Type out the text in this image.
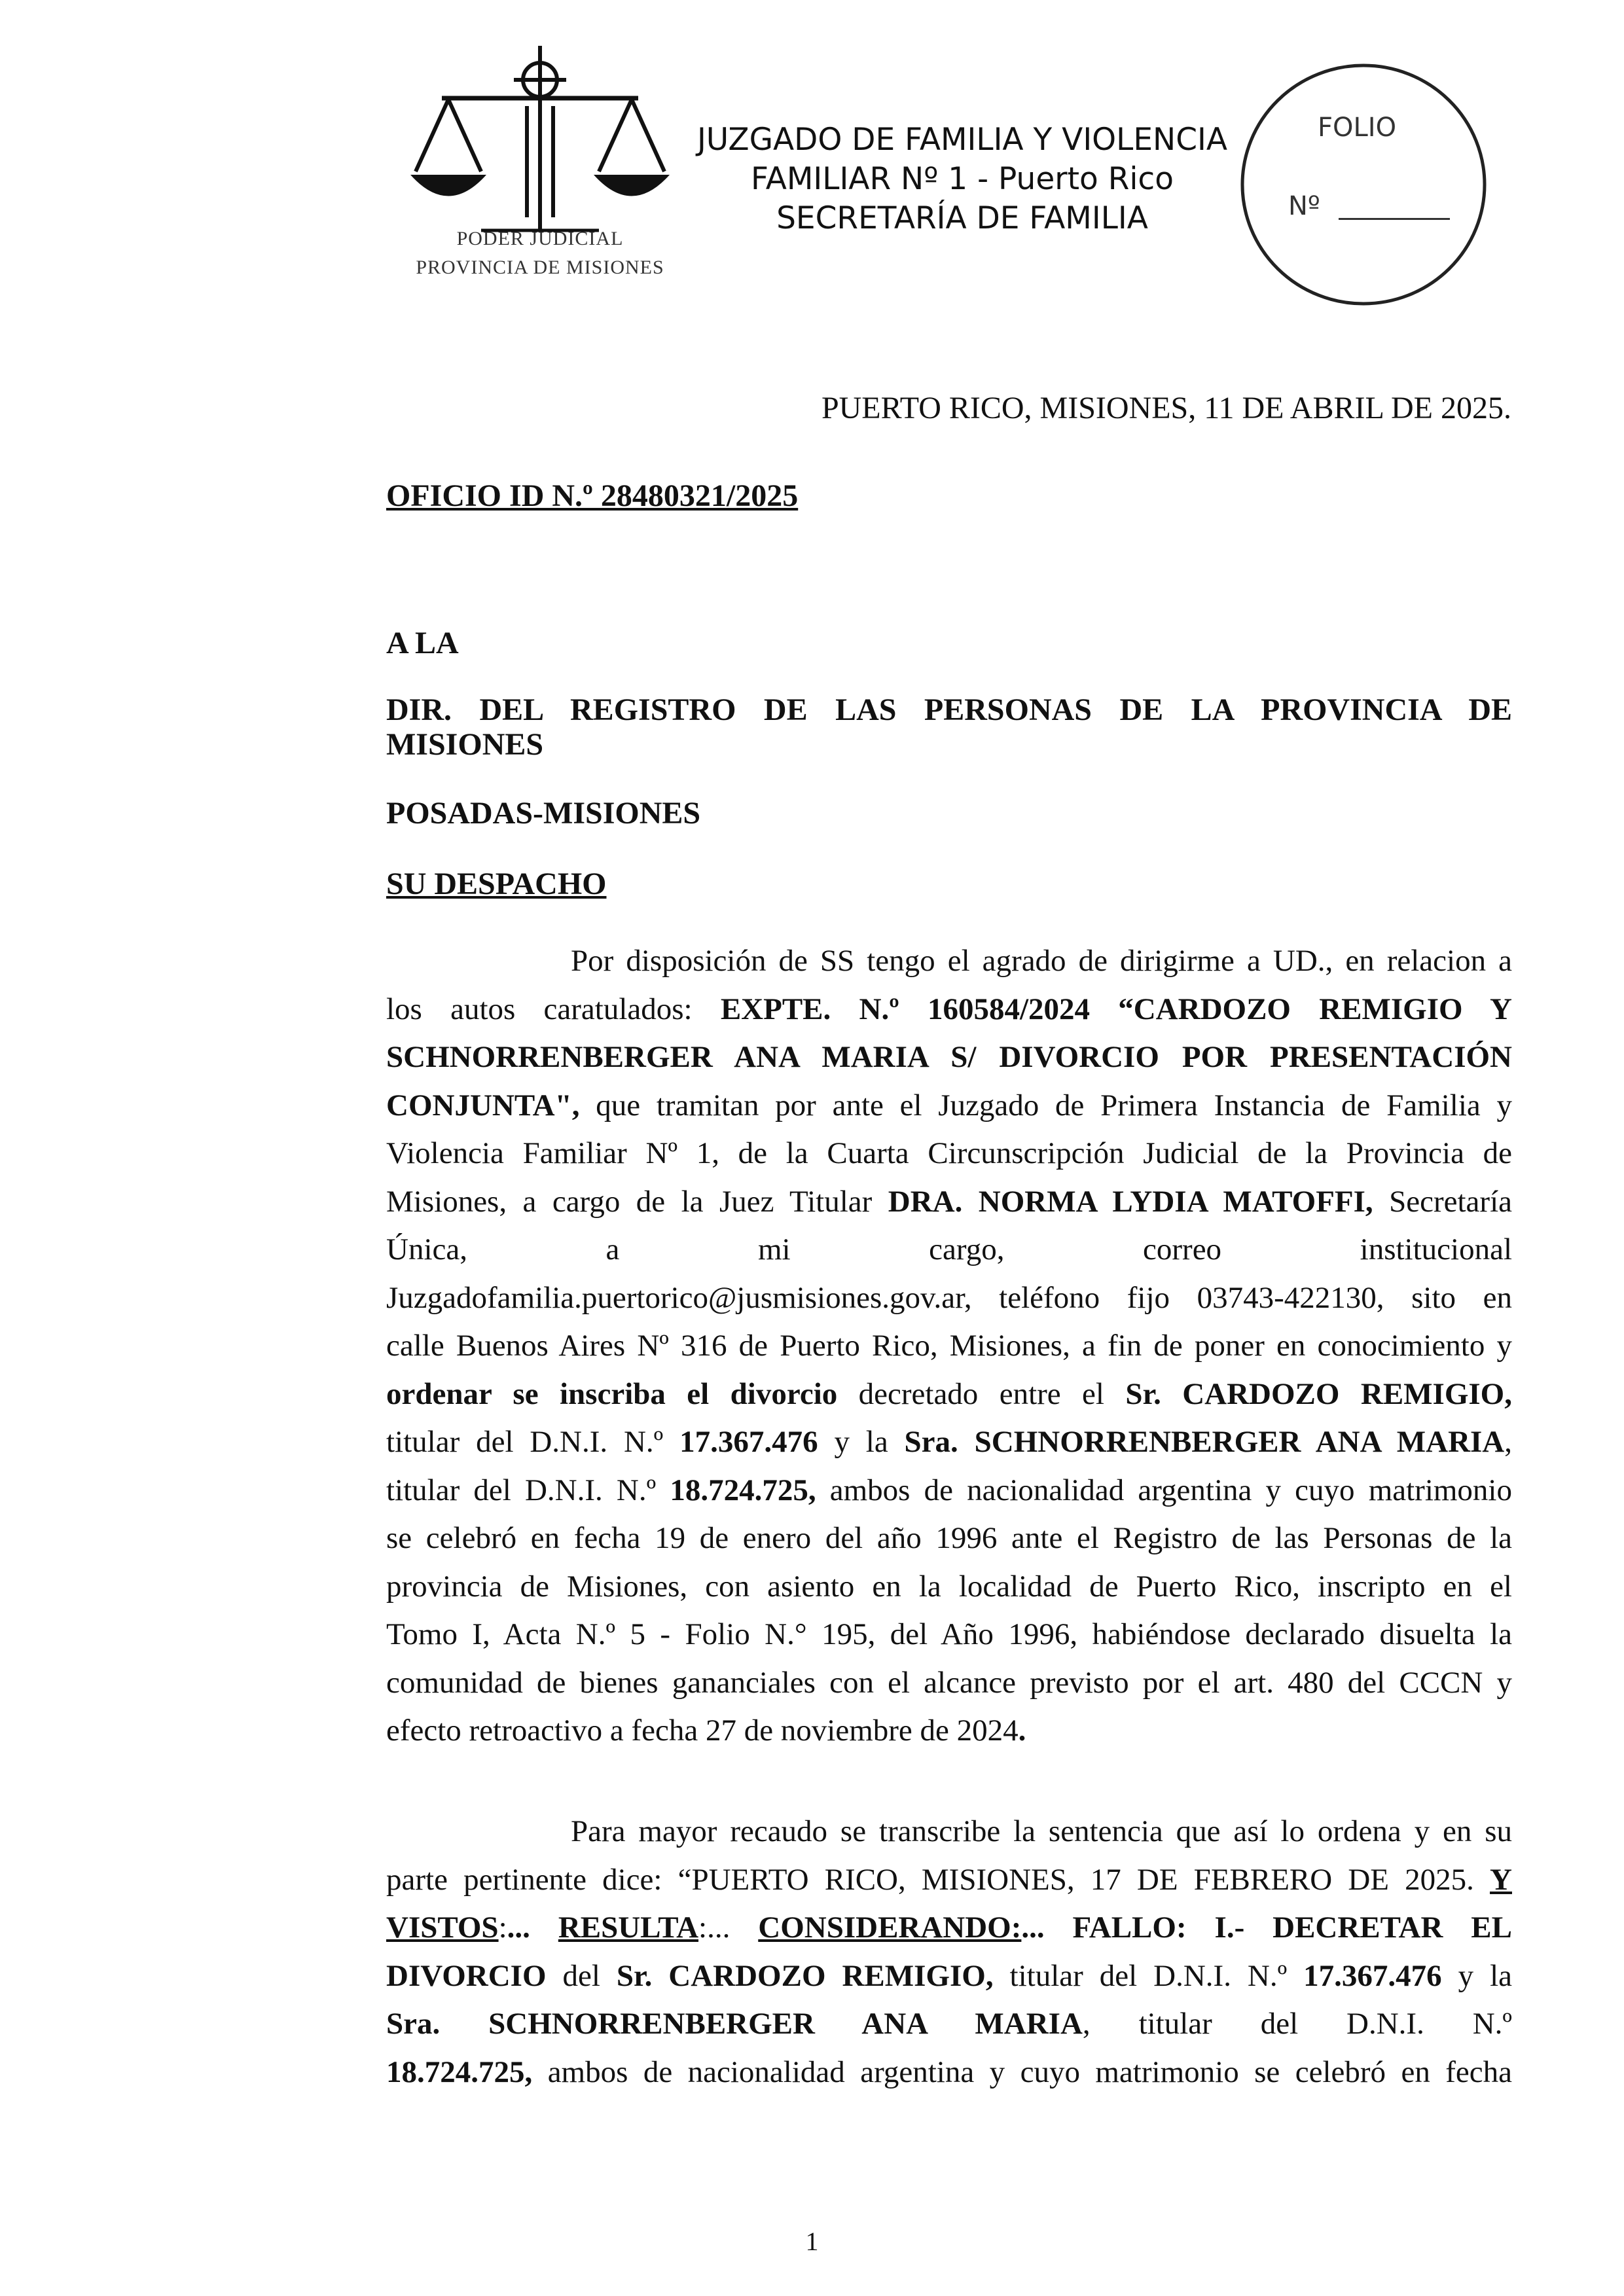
PODER JUDICIAL
PROVINCIA DE MISIONES
JUZGADO DE FAMILIA Y VIOLENCIA
FAMILIAR Nº 1 - Puerto Rico
SECRETARÍA DE FAMILIA
FOLIO
Nº
PUERTO RICO, MISIONES, 11 DE ABRIL DE 2025.
OFICIO ID N.º 28480321/2025
A LA
DIR. DEL REGISTRO DE LAS PERSONAS DE LA PROVINCIA DE
MISIONES
POSADAS-MISIONES
SU DESPACHO
Por disposición de SS tengo el agrado de dirigirme a UD., en relacion a
los autos caratulados: EXPTE. N.º 160584/2024 “CARDOZO REMIGIO Y
SCHNORRENBERGER ANA MARIA S/ DIVORCIO POR PRESENTACIÓN
CONJUNTA", que tramitan por ante el Juzgado de Primera Instancia de Familia y
Violencia Familiar Nº 1, de la Cuarta Circunscripción Judicial de la Provincia de
Misiones, a cargo de la Juez Titular DRA. NORMA LYDIA MATOFFI, Secretaría
Única, a mi cargo, correo institucional
Juzgadofamilia.puertorico@jusmisiones.gov.ar, teléfono fijo 03743-422130, sito en
calle Buenos Aires Nº 316 de Puerto Rico, Misiones, a fin de poner en conocimiento y
ordenar se inscriba el divorcio decretado entre el Sr. CARDOZO REMIGIO,
titular del D.N.I. N.º 17.367.476 y la Sra. SCHNORRENBERGER ANA MARIA,
titular del D.N.I. N.º 18.724.725, ambos de nacionalidad argentina y cuyo matrimonio
se celebró en fecha 19 de enero del año 1996 ante el Registro de las Personas de la
provincia de Misiones, con asiento en la localidad de Puerto Rico, inscripto en el
Tomo I, Acta N.º 5 - Folio N.° 195, del Año 1996, habiéndose declarado disuelta la
comunidad de bienes gananciales con el alcance previsto por el art. 480 del CCCN y
efecto retroactivo a fecha 27 de noviembre de 2024.
Para mayor recaudo se transcribe la sentencia que así lo ordena y en su
parte pertinente dice: “PUERTO RICO, MISIONES, 17 DE FEBRERO DE 2025. Y
VISTOS:... RESULTA:... CONSIDERANDO:... FALLO: I.- DECRETAR EL
DIVORCIO del Sr. CARDOZO REMIGIO, titular del D.N.I. N.º 17.367.476 y la
Sra. SCHNORRENBERGER ANA MARIA, titular del D.N.I. N.º
18.724.725, ambos de nacionalidad argentina y cuyo matrimonio se celebró en fecha
1
